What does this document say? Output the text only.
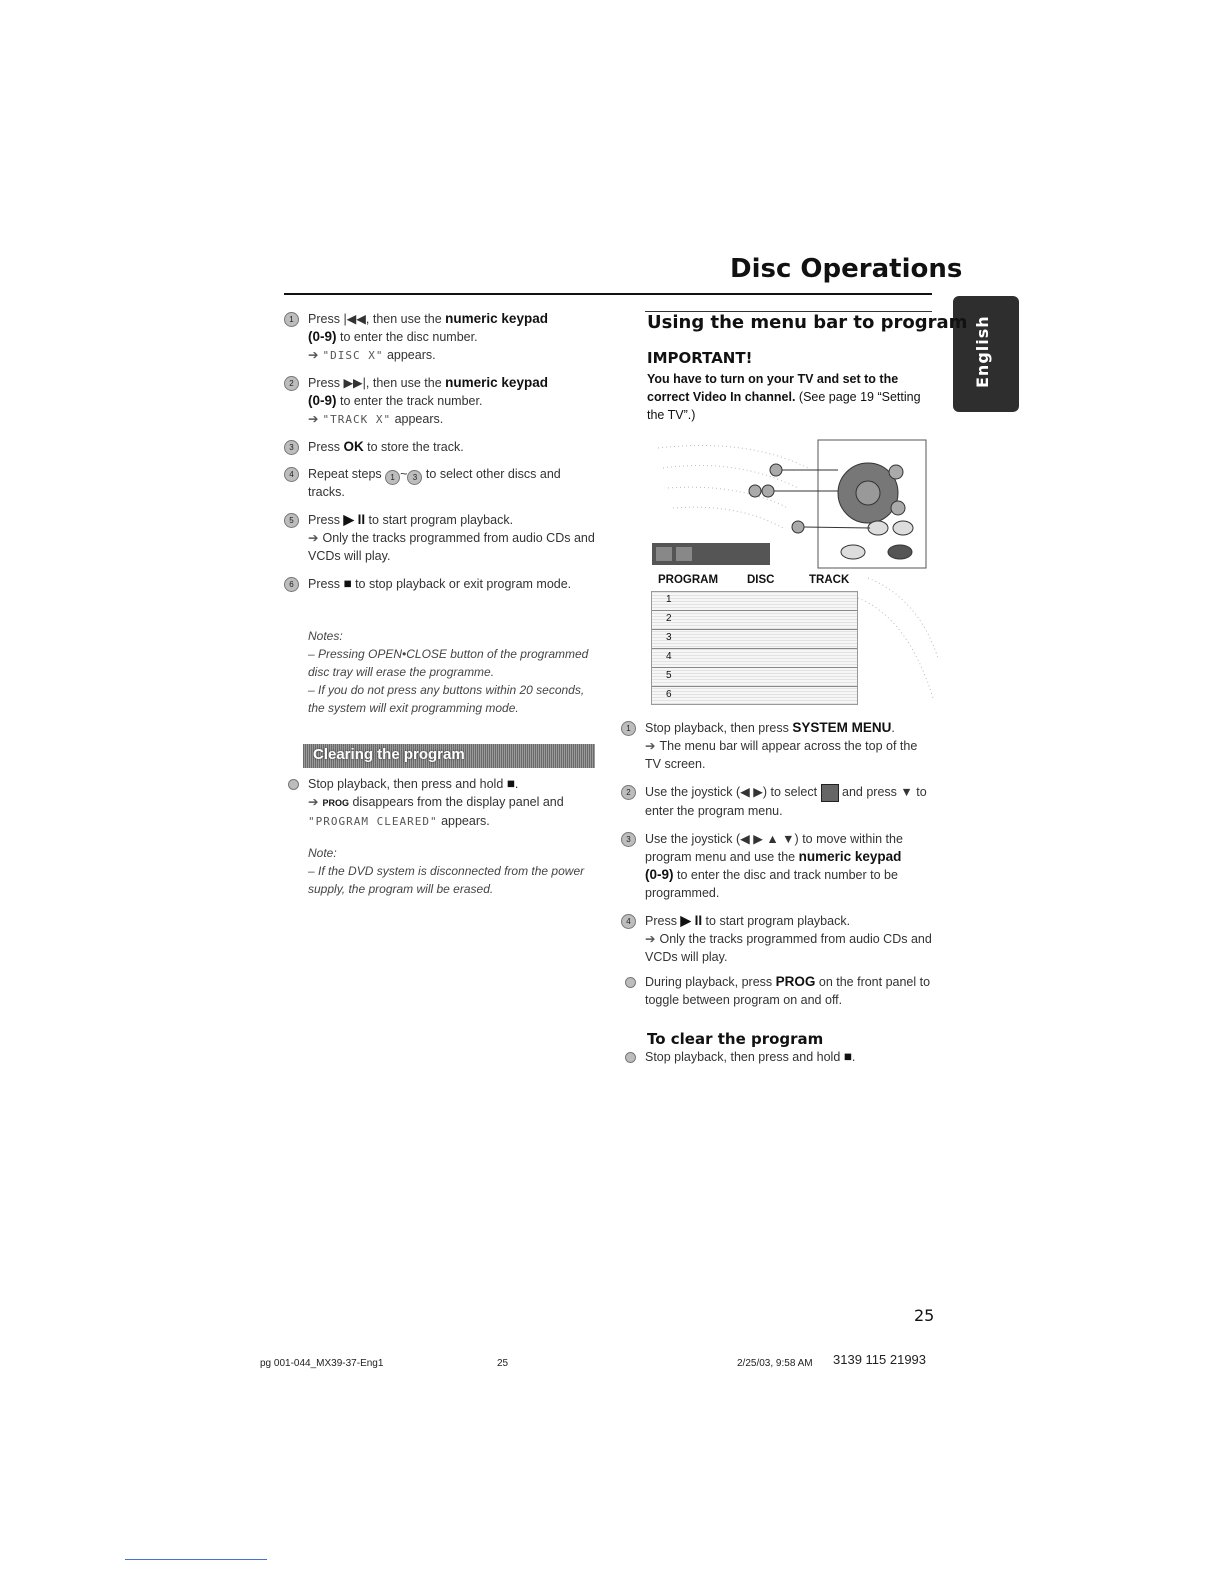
Disc Operations
English
1	Press |◀◀, then use the numeric keypad
(0-9) to enter the disc number.
➔ "DISC X" appears.
2	Press ▶▶|, then use the numeric keypad
(0-9) to enter the track number.
➔ "TRACK X" appears.
3	Press OK to store the track.
4	Repeat steps 1 ~ 3 to select other discs and tracks.
5	Press ▶ II to start program playback.
➔ Only the tracks programmed from audio CDs and VCDs will play.
6	Press ■ to stop playback or exit program mode.
Notes:
– Pressing OPEN•CLOSE button of the programmed disc tray will erase the programme.
– If you do not press any buttons within 20 seconds, the system will exit programming mode.
Clearing the program
Stop playback, then press and hold ■.
➔ PROG disappears from the display panel and
"PROGRAM CLEARED" appears.
Note:
– If the DVD system is disconnected from the power supply, the program will be erased.
Using the menu bar to program
IMPORTANT!
You have to turn on your TV and set to the correct Video In channel. (See page 19 “Setting the TV”.)
PROGRAM	DISC	TRACK
1
2
3
4
5
6
1	Stop playback, then press SYSTEM MENU.
➔ The menu bar will appear across the top of the TV screen.
2	Use the joystick (◀ ▶) to select  and press ▼ to enter the program menu.
3	Use the joystick (◀ ▶ ▲ ▼) to move within the program menu and use the numeric keypad
(0-9) to enter the disc and track number to be programmed.
4	Press ▶ II to start program playback.
➔ Only the tracks programmed from audio CDs and VCDs will play.
During playback, press PROG on the front panel to toggle between program on and off.
To clear the program
Stop playback, then press and hold ■.
25
pg 001-044_MX39-37-Eng1	25	2/25/03, 9:58 AM 3139 115 21993
